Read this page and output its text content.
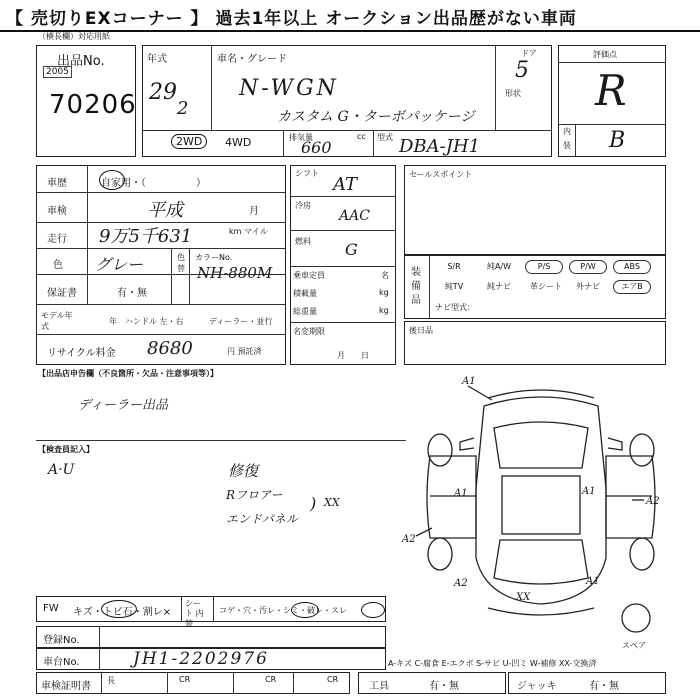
【 売切りEXコーナー 】 過去1年以上 オークション出品歴がない車両
（横長欄）対応用紙
出品No.
2005
70206
年式
29
2
車名・グレード
N-WGN
カスタム G・ターボパッケージ
ドア
5
形状
2WD	4WD	排気量	cc
660
型式 DBA-JH1
評価点
R
内
装 B
車歴	自家用・（　　　　　）
車検	平成	月
走行 9万5千631	km マイル
色 グレー	色替
カラーNo.
NH-880M
保証書	有・無
モデル年式
年 ハンドル 左・右	ディーラー・並行
リサイクル料金 8680	円 預託済
シフト
AT
冷房
AAC
燃料 G
乗車定員	名
積載量	kg
総重量	kg
名変期限
月　　日
セールスポイント
装備品
S/R	純A/W	P/S	P/W	ABS
純TV	純ナビ	革シート	外ナビ	エアB
ナビ型式：
後日品
【出品店申告欄（不良箇所・欠品・注意事項等）】
ディーラー出品
【検査員記入】
A·U	修復
Rフロアー
エンドパネル
) XX
A1
A1	A1
A2
A2
A2	A1
XX
スペア
FW キズ・トビ石・割レ×
シート 内装
コゲ・穴・汚レ・シミ・破レ・スレ
登録No.
車台No.	JH1-2202976	A-キズ C-腐食 E-エクボ S-サビ U-凹ミ W-補修 XX-交換済
車検証明書
長	CR	CR	CR
工具	有・無	ジャッキ	有・無
